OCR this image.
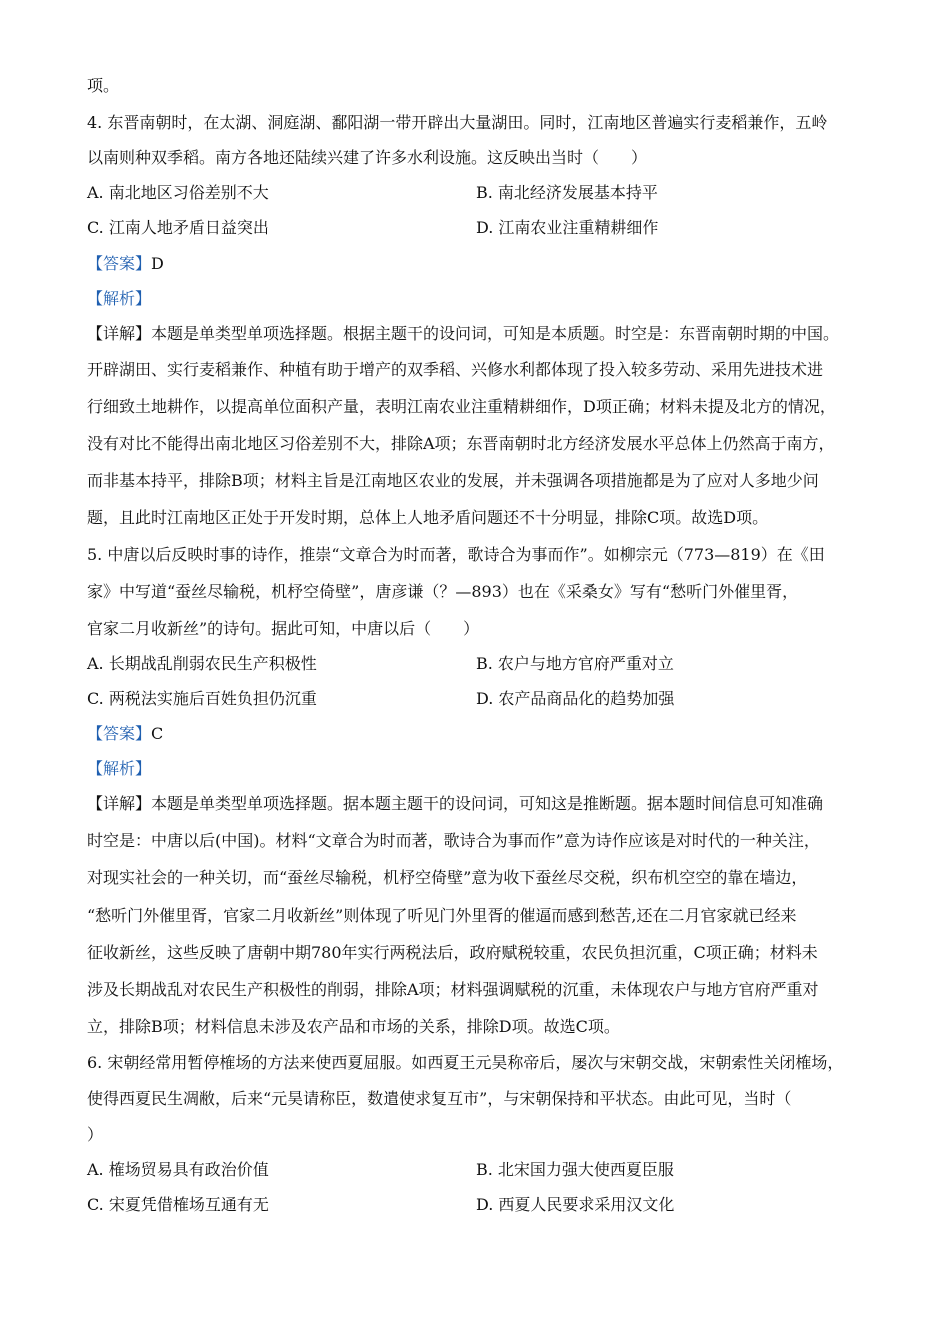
项。
4. 东晋南朝时，在太湖、洞庭湖、鄱阳湖一带开辟出大量湖田。同时，江南地区普遍实行麦稻兼作，五岭
以南则种双季稻。南方各地还陆续兴建了许多水利设施。这反映出当时（　　）
A. 南北地区习俗差别不大	B. 南北经济发展基本持平
C. 江南人地矛盾日益突出	D. 江南农业注重精耕细作
【答案】D
【解析】
【详解】本题是单类型单项选择题。根据主题干的设问词，可知是本质题。时空是：东晋南朝时期的中国。
开辟湖田、实行麦稻兼作、种植有助于增产的双季稻、兴修水利都体现了投入较多劳动、采用先进技术进
行细致土地耕作，以提高单位面积产量，表明江南农业注重精耕细作，D项正确；材料未提及北方的情况，
没有对比不能得出南北地区习俗差别不大，排除A项；东晋南朝时北方经济发展水平总体上仍然高于南方，
而非基本持平，排除B项；材料主旨是江南地区农业的发展，并未强调各项措施都是为了应对人多地少问
题，且此时江南地区正处于开发时期，总体上人地矛盾问题还不十分明显，排除C项。故选D项。
5. 中唐以后反映时事的诗作，推崇“文章合为时而著，歌诗合为事而作”。如柳宗元（773—819）在《田
家》中写道“蚕丝尽输税，机杼空倚壁”，唐彦谦（？—893）也在《采桑女》写有“愁听门外催里胥，
官家二月收新丝”的诗句。据此可知，中唐以后（　　）
A. 长期战乱削弱农民生产积极性	B. 农户与地方官府严重对立
C. 两税法实施后百姓负担仍沉重	D. 农产品商品化的趋势加强
【答案】C
【解析】
【详解】本题是单类型单项选择题。据本题主题干的设问词，可知这是推断题。据本题时间信息可知准确
时空是：中唐以后(中国)。材料“文章合为时而著，歌诗合为事而作”意为诗作应该是对时代的一种关注，
对现实社会的一种关切，而“蚕丝尽输税，机杼空倚壁”意为收下蚕丝尽交税，织布机空空的靠在墙边，
“愁听门外催里胥，官家二月收新丝”则体现了听见门外里胥的催逼而感到愁苦,还在二月官家就已经来
征收新丝，这些反映了唐朝中期780年实行两税法后，政府赋税较重，农民负担沉重，C项正确；材料未
涉及长期战乱对农民生产积极性的削弱，排除A项；材料强调赋税的沉重，未体现农户与地方官府严重对
立，排除B项；材料信息未涉及农产品和市场的关系，排除D项。故选C项。
6. 宋朝经常用暂停榷场的方法来使西夏屈服。如西夏王元昊称帝后，屡次与宋朝交战，宋朝索性关闭榷场，
使得西夏民生凋敝，后来“元昊请称臣，数遣使求复互市”，与宋朝保持和平状态。由此可见，当时（
）
A. 榷场贸易具有政治价值	B. 北宋国力强大使西夏臣服
C. 宋夏凭借榷场互通有无	D. 西夏人民要求采用汉文化
